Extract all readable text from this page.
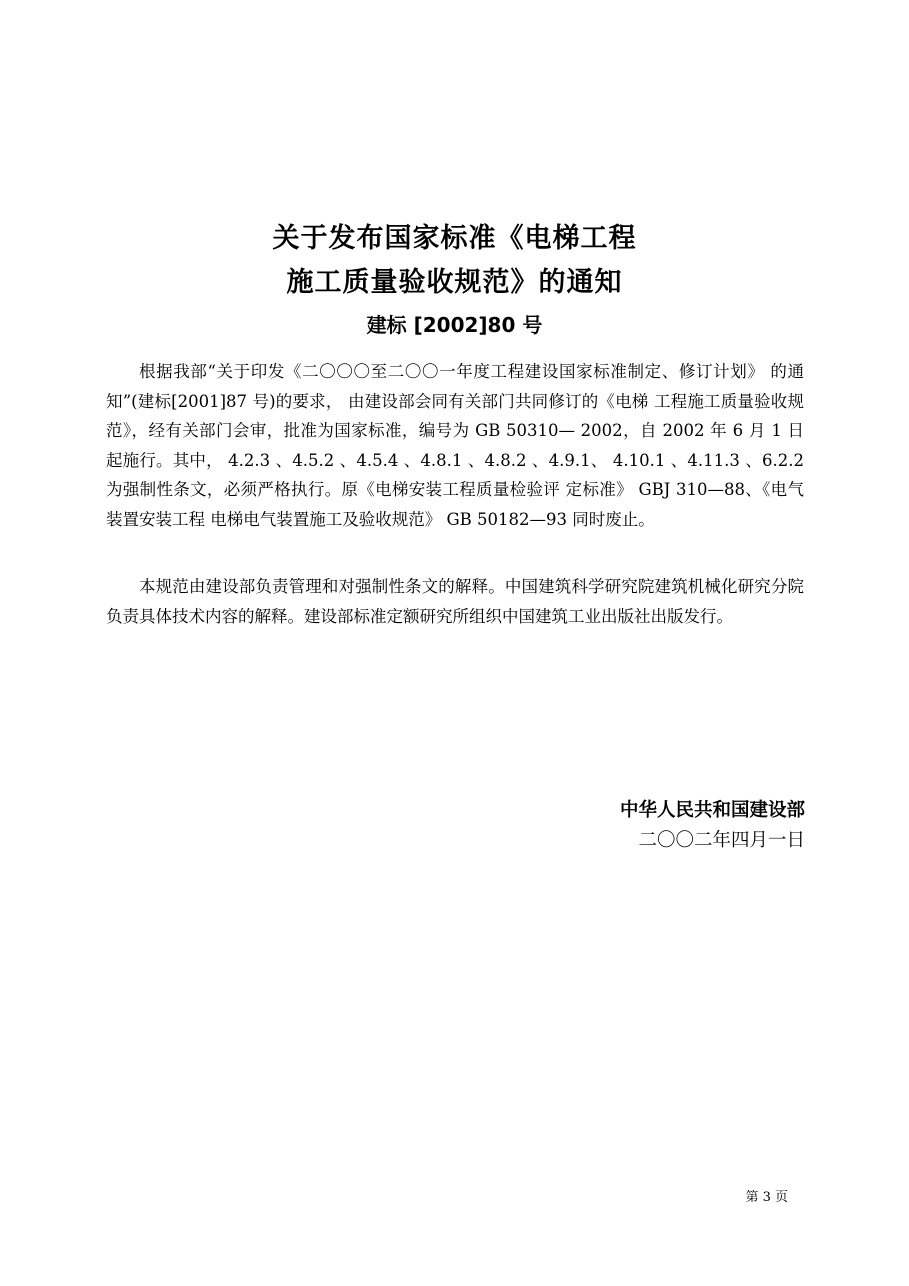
关于发布国家标准《电梯工程
施工质量验收规范》的通知
建标 [2002]80 号

根据我部“关于印发《二〇〇〇至二〇〇一年度工程建设国家标准制定、修订计划》 的通知”(建标[2001]87 号)的要求， 由建设部会同有关部门共同修订的《电梯 工程施工质量验收规范》，经有关部门会审，批准为国家标准，编号为 GB 50310— 2002，自 2002 年 6 月 1 日起施行。其中， 4.2.3 、4.5.2 、4.5.4 、4.8.1 、4.8.2 、4.9.1、 4.10.1 、4.11.3 、6.2.2 为强制性条文，必须严格执行。原《电梯安装工程质量检验评 定标准》 GBJ 310—88、《电气装置安装工程 电梯电气装置施工及验收规范》 GB 50182—93 同时废止。

本规范由建设部负责管理和对强制性条文的解释。中国建筑科学研究院建筑机械化研究分院负责具体技术内容的解释。建设部标准定额研究所组织中国建筑工业出版社出版发行。

中华人民共和国建设部
二〇〇二年四月一日
第 3 页
